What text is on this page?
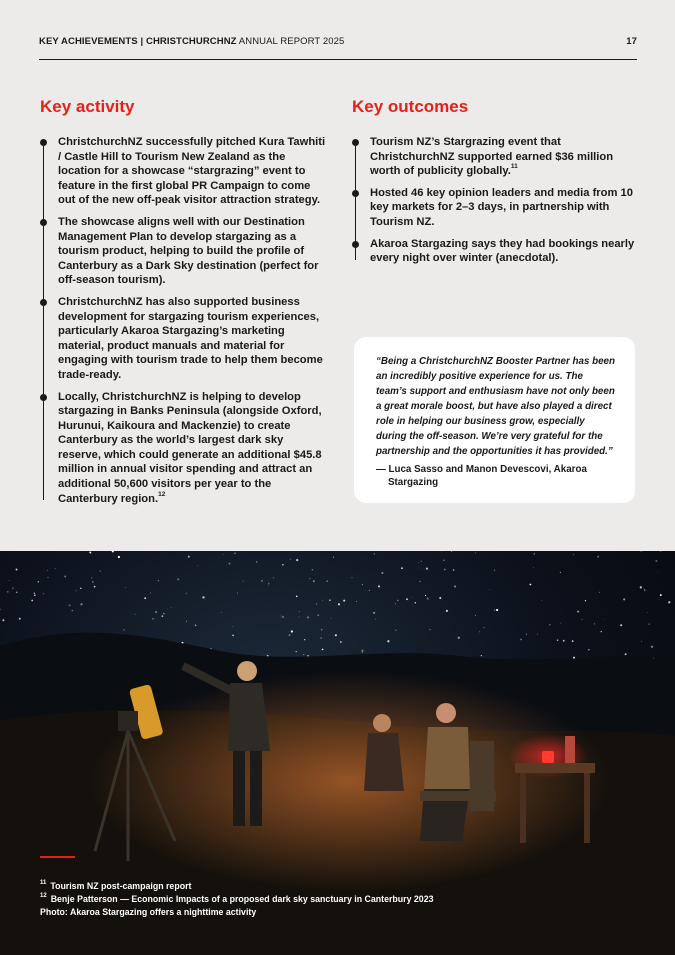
KEY ACHIEVEMENTS | CHRISTCHURCHNZ ANNUAL REPORT 2025	17
Key activity
ChristchurchNZ successfully pitched Kura Tawhiti / Castle Hill to Tourism New Zealand as the location for a showcase “stargrazing” event to feature in the first global PR Campaign to come out of the new off-peak visitor attraction strategy.
The showcase aligns well with our Destination Management Plan to develop stargazing as a tourism product, helping to build the profile of Canterbury as a Dark Sky destination (perfect for off-season tourism).
ChristchurchNZ has also supported business development for stargazing tourism experiences, particularly Akaroa Stargazing’s marketing material, product manuals and material for engaging with tourism trade to help them become trade-ready.
Locally, ChristchurchNZ is helping to develop stargazing in Banks Peninsula (alongside Oxford, Hurunui, Kaikoura and Mackenzie) to create Canterbury as the world’s largest dark sky reserve, which could generate an additional $45.8 million in annual visitor spending and attract an additional 50,600 visitors per year to the Canterbury region.$^{12}$
Key outcomes
Tourism NZ’s Stargrazing event that ChristchurchNZ supported earned $36 million worth of publicity globally.$^{11}$
Hosted 46 key opinion leaders and media from 10 key markets for 2–3 days, in partnership with Tourism NZ.
Akaroa Stargazing says they had bookings nearly every night over winter (anecdotal).

“Being a ChristchurchNZ Booster Partner has been an incredibly positive experience for us. The team’s support and enthusiasm have not only been a great morale boost, but have also played a direct role in helping our business grow, especially during the off-season. We’re very grateful for the partnership and the opportunities it has provided.”

— Luca Sasso and Manon Devescovi, Akaroa Stargazing
$^{11}$ Tourism NZ post-campaign report
$^{12}$ Benje Patterson — Economic Impacts of a proposed dark sky sanctuary in Canterbury 2023
Photo: Akaroa Stargazing offers a nighttime activity
